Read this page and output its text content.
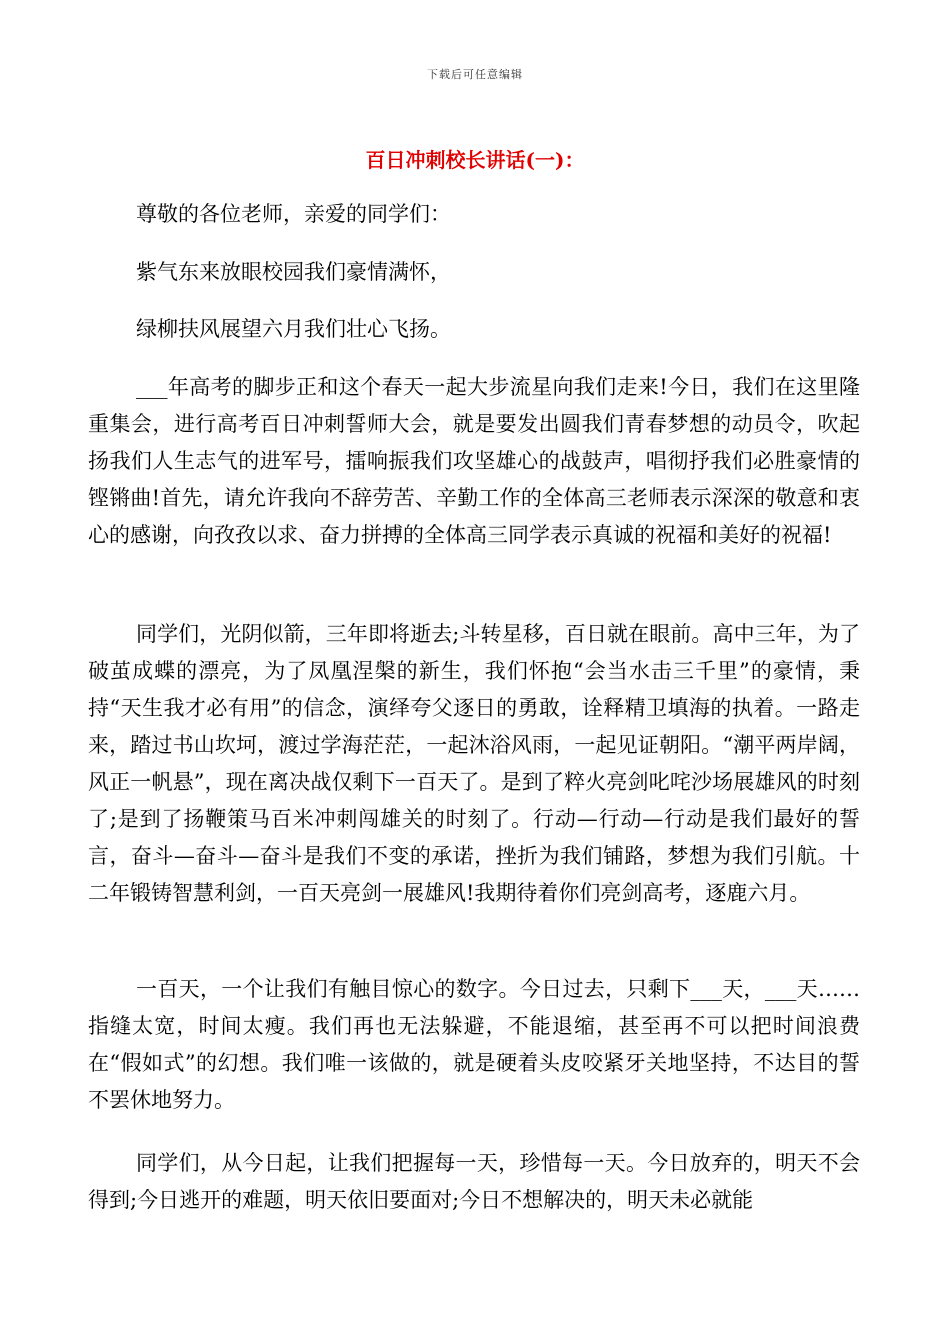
下载后可任意编辑
百日冲刺校长讲话(一)：

尊敬的各位老师，亲爱的同学们：

紫气东来放眼校园我们豪情满怀，

绿柳扶风展望六月我们壮心飞扬。

___年高考的脚步正和这个春天一起大步流星向我们走来!今日，我们在这里隆重集会，进行高考百日冲刺誓师大会，就是要发出圆我们青春梦想的动员令，吹起扬我们人生志气的进军号，擂响振我们攻坚雄心的战鼓声，唱彻抒我们必胜豪情的铿锵曲!首先，请允许我向不辞劳苦、辛勤工作的全体高三老师表示深深的敬意和衷心的感谢，向孜孜以求、奋力拼搏的全体高三同学表示真诚的祝福和美好的祝福!

同学们，光阴似箭，三年即将逝去;斗转星移，百日就在眼前。高中三年，为了破茧成蝶的漂亮，为了凤凰涅槃的新生，我们怀抱“会当水击三千里”的豪情，秉持“天生我才必有用”的信念，演绎夸父逐日的勇敢，诠释精卫填海的执着。一路走来，踏过书山坎坷，渡过学海茫茫，一起沐浴风雨，一起见证朝阳。“潮平两岸阔，风正一帆悬”，现在离决战仅剩下一百天了。是到了粹火亮剑叱咤沙场展雄风的时刻了;是到了扬鞭策马百米冲刺闯雄关的时刻了。行动—行动—行动是我们最好的誓言，奋斗—奋斗—奋斗是我们不变的承诺，挫折为我们铺路，梦想为我们引航。十二年锻铸智慧利剑，一百天亮剑一展雄风!我期待着你们亮剑高考，逐鹿六月。

一百天，一个让我们有触目惊心的数字。今日过去，只剩下___天，___天……指缝太宽，时间太瘦。我们再也无法躲避，不能退缩，甚至再不可以把时间浪费在“假如式”的幻想。我们唯一该做的，就是硬着头皮咬紧牙关地坚持，不达目的誓不罢休地努力。

同学们，从今日起，让我们把握每一天，珍惜每一天。今日放弃的，明天不会得到;今日逃开的难题，明天依旧要面对;今日不想解决的，明天未必就能
